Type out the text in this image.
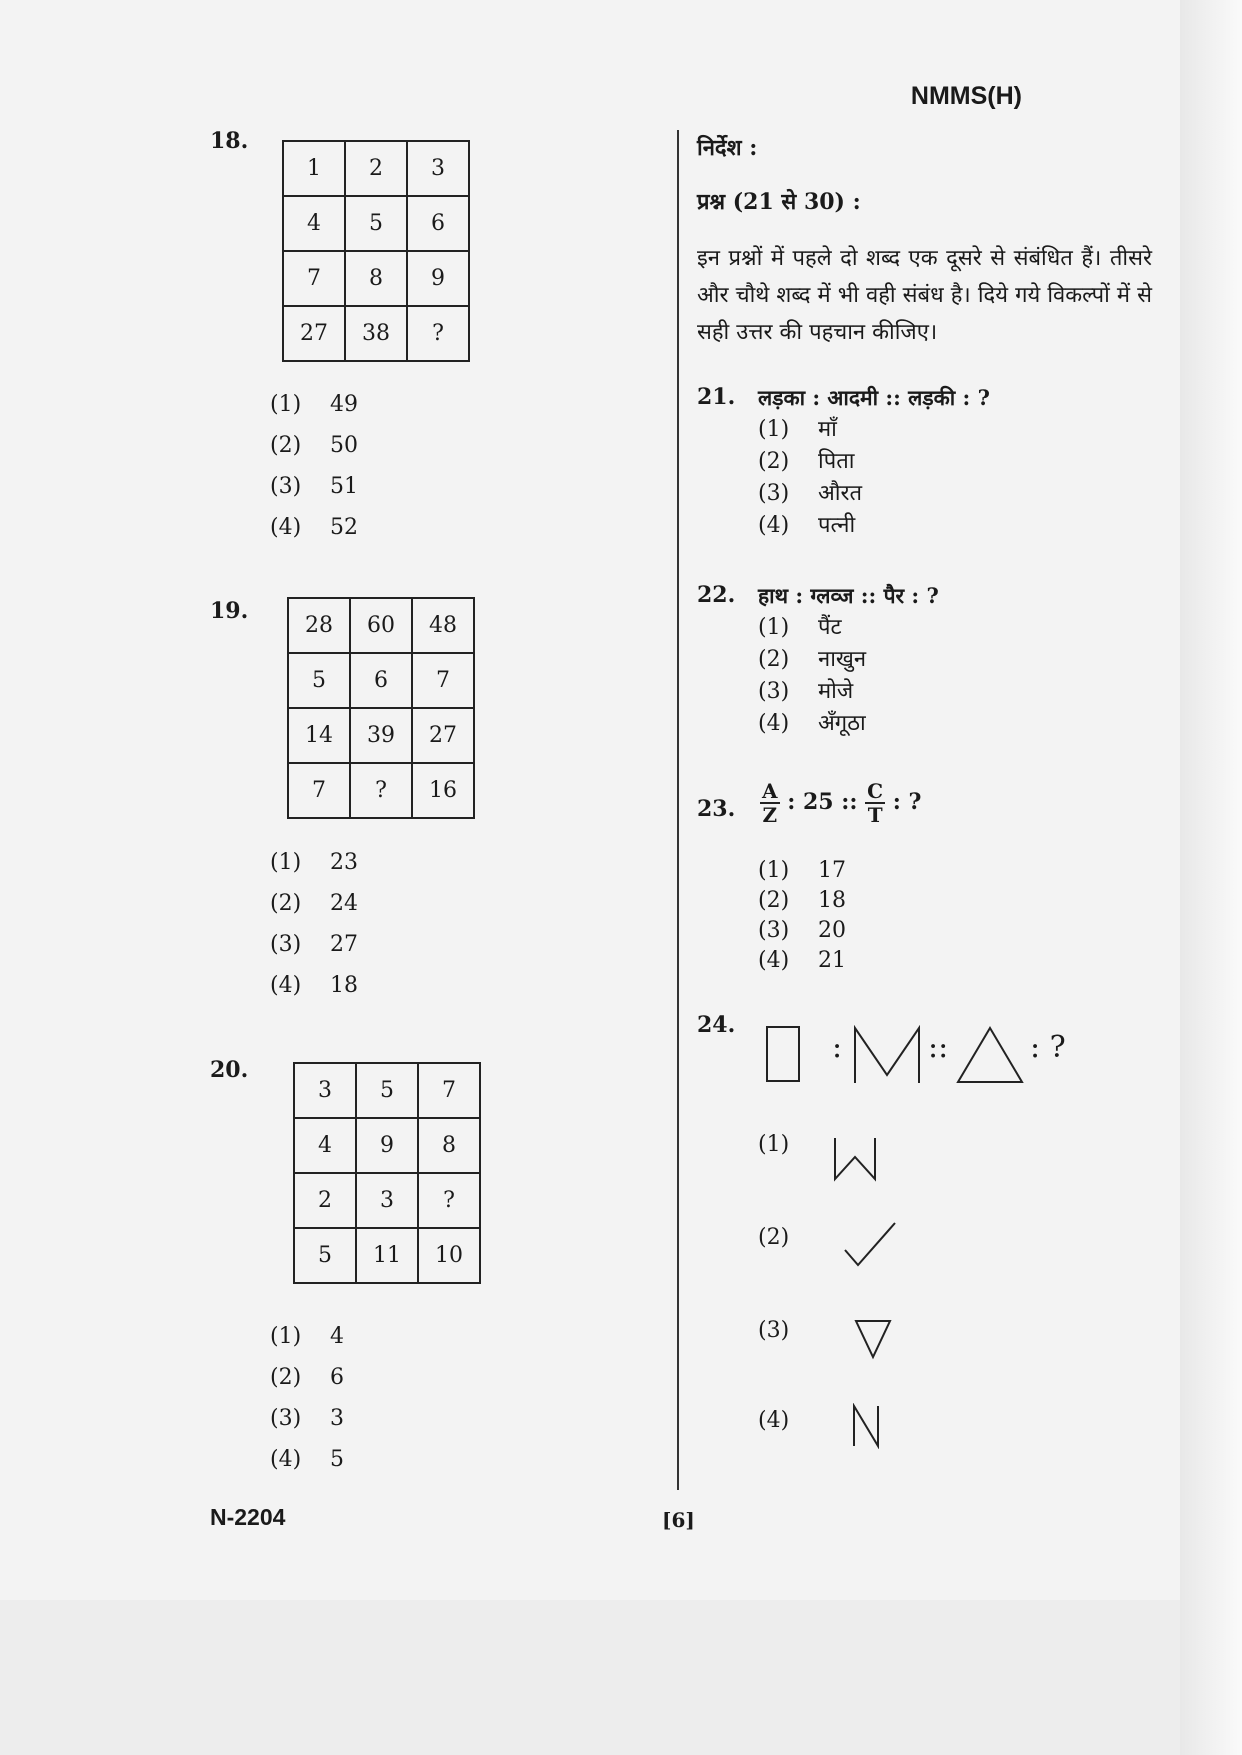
NMMS(H)
18.
1	2	3
4	5	6
7	8	9
27	38	?
(1) 49
(2) 50
(3) 51
(4) 52
19.
28	60	48
5	6	7
14	39	27
7	?	16
(1) 23
(2) 24
(3) 27
(4) 18
20.
3	5	7
4	9	8
2	3	?
5	11	10
(1) 4
(2) 6
(3) 3
(4) 5
निर्देश :
प्रश्न (21 से 30) :
इन प्रश्नों में पहले दो शब्द एक दूसरे से संबंधित हैं। तीसरे और चौथे शब्द में भी वही संबंध है। दिये गये विकल्पों में से सही उत्तर की पहचान कीजिए।
21. लड़का : आदमी :: लड़की : ?
(1) माँ
(2) पिता
(3) औरत
(4) पत्नी
22. हाथ : ग्लव्ज :: पैर : ?
(1) पैंट
(2) नाखुन
(3) मोजे
(4) अँगूठा
23. $\frac{A}{Z}$ : 25 :: $\frac{C}{T}$ : ?
(1) 17
(2) 18
(3) 20
(4) 21
24.
:	::	: ?
(1)
(2)
(3)
(4)
N-2204	[6]
